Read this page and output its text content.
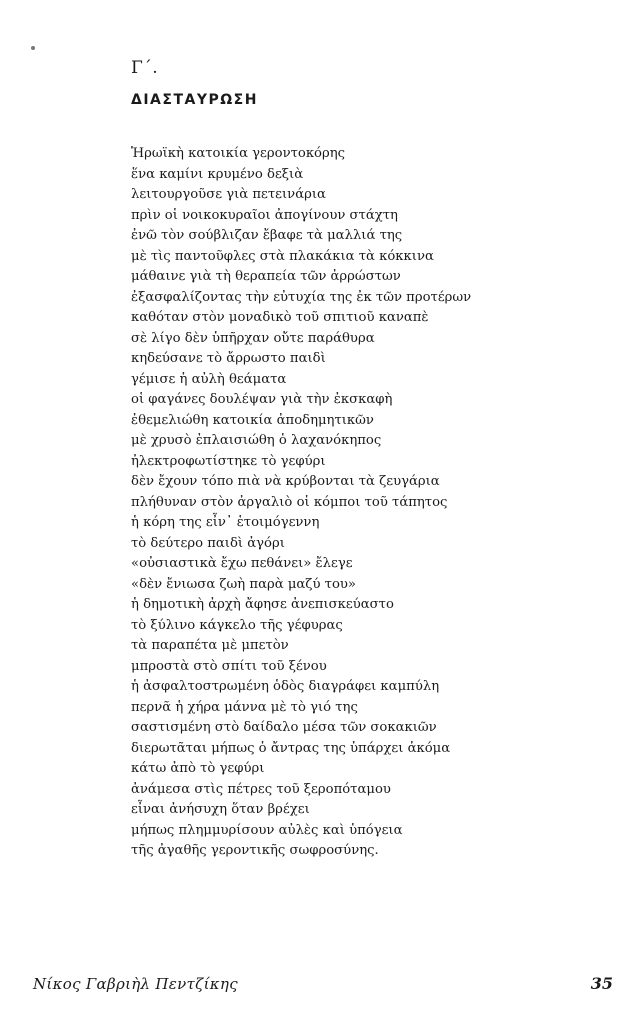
Γ΄.
ΔΙΑΣΤΑΥΡΩΣΗ
Ἡρωϊκὴ κατοικία γεροντοκόρης
ἕνα καμίνι κρυμένο δεξιὰ
λειτουργοῦσε γιὰ πετεινάρια
πρὶν οἱ νοικοκυραῖοι ἀπογίνουν στάχτη
ἐνῶ τὸν σούβλιζαν ἔβαφε τὰ μαλλιά της
μὲ τὶς παντοῦφλες στὰ πλακάκια τὰ κόκκινα
μάθαινε γιὰ τὴ θεραπεία τῶν ἀρρώστων
ἐξασφαλίζοντας τὴν εὐτυχία της ἐκ τῶν προτέρων
καθόταν στὸν μοναδικὸ τοῦ σπιτιοῦ καναπὲ
σὲ λίγο δὲν ὑπῆρχαν οὔτε παράθυρα
κηδεύσανε τὸ ἄρρωστο παιδὶ
γέμισε ἡ αὐλὴ θεάματα
οἱ φαγάνες δουλέψαν γιὰ τὴν ἐκσκαφὴ
ἐθεμελιώθη κατοικία ἀποδημητικῶν
μὲ χρυσὸ ἐπλαισιώθη ὁ λαχανόκηπος
ἠλεκτροφωτίστηκε τὸ γεφύρι
δὲν ἔχουν τόπο πιὰ νὰ κρύβονται τὰ ζευγάρια
πλήθυναν στὸν ἀργαλιὸ οἱ κόμποι τοῦ τάπητος
ἡ κόρη της εἶν᾽ ἑτοιμόγεννη
τὸ δεύτερο παιδὶ ἀγόρι
«οὐσιαστικὰ ἔχω πεθάνει» ἔλεγε
«δὲν ἔνιωσα ζωὴ παρὰ μαζύ του»
ἡ δημοτικὴ ἀρχὴ ἄφησε ἀνεπισκεύαστο
τὸ ξύλινο κάγκελο τῆς γέφυρας
τὰ παραπέτα μὲ μπετὸν
μπροστὰ στὸ σπίτι τοῦ ξένου
ἡ ἀσφαλτοστρωμένη ὁδὸς διαγράφει καμπύλη
περνᾶ ἡ χήρα μάννα μὲ τὸ γιό της
σαστισμένη στὸ δαίδαλο μέσα τῶν σοκακιῶν
διερωτᾶται μήπως ὁ ἄντρας της ὑπάρχει ἀκόμα
κάτω ἀπὸ τὸ γεφύρι
ἀνάμεσα στὶς πέτρες τοῦ ξεροπόταμου
εἶναι ἀνήσυχη ὅταν βρέχει
μήπως πλημμυρίσουν αὐλὲς καὶ ὑπόγεια
τῆς ἀγαθῆς γεροντικῆς σωφροσύνης.
Νίκος Γαβριὴλ Πεντζίκης	35
